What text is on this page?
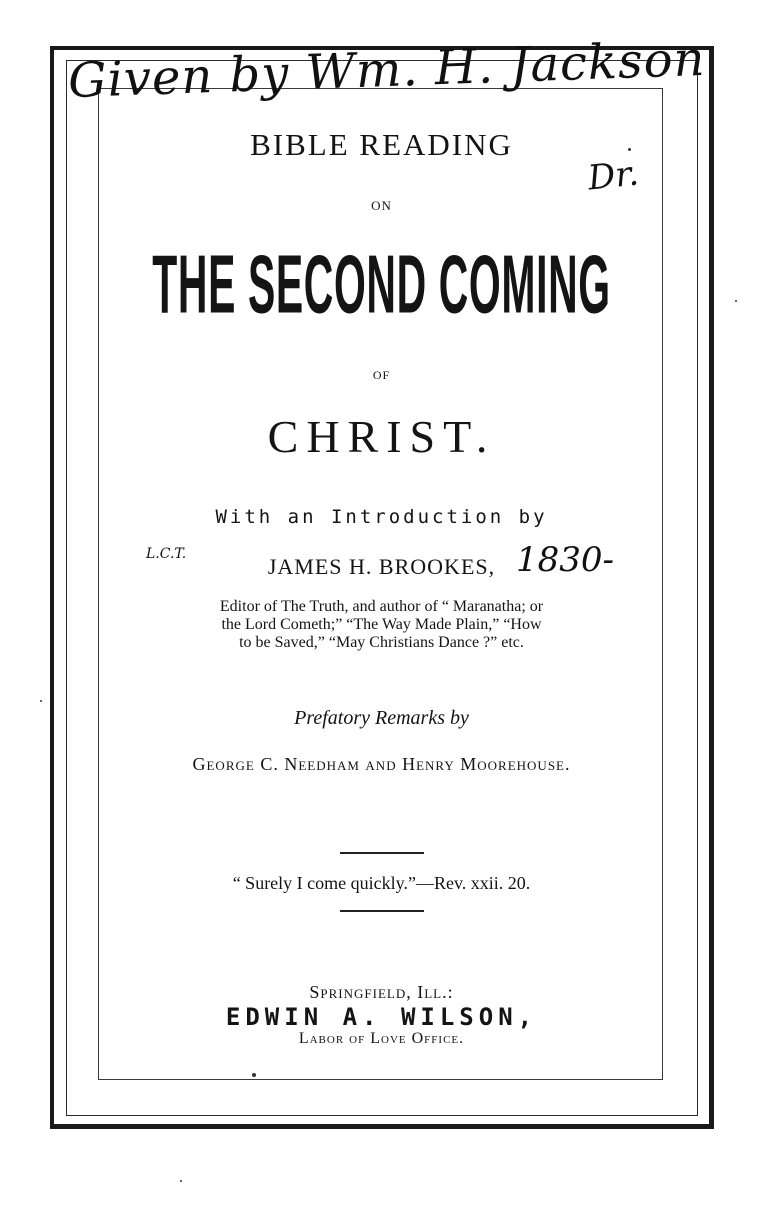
Given by Wm. H. Jackson
BIBLE READING
Dr.
ON
THE SECOND COMING
OF
CHRIST.
With an Introduction by
L.C.T.	JAMES H. BROOKES, 1830-
Editor of The Truth, and author of “ Maranatha; or
the Lord Cometh;” “The Way Made Plain,” “How
to be Saved,” “May Christians Dance ?” etc.
Prefatory Remarks by
George C. Needham and Henry Moorehouse.
“ Surely I come quickly.”—Rev. xxii. 20.
Springfield, Ill.:
EDWIN A. WILSON,
Labor of Love Office.
